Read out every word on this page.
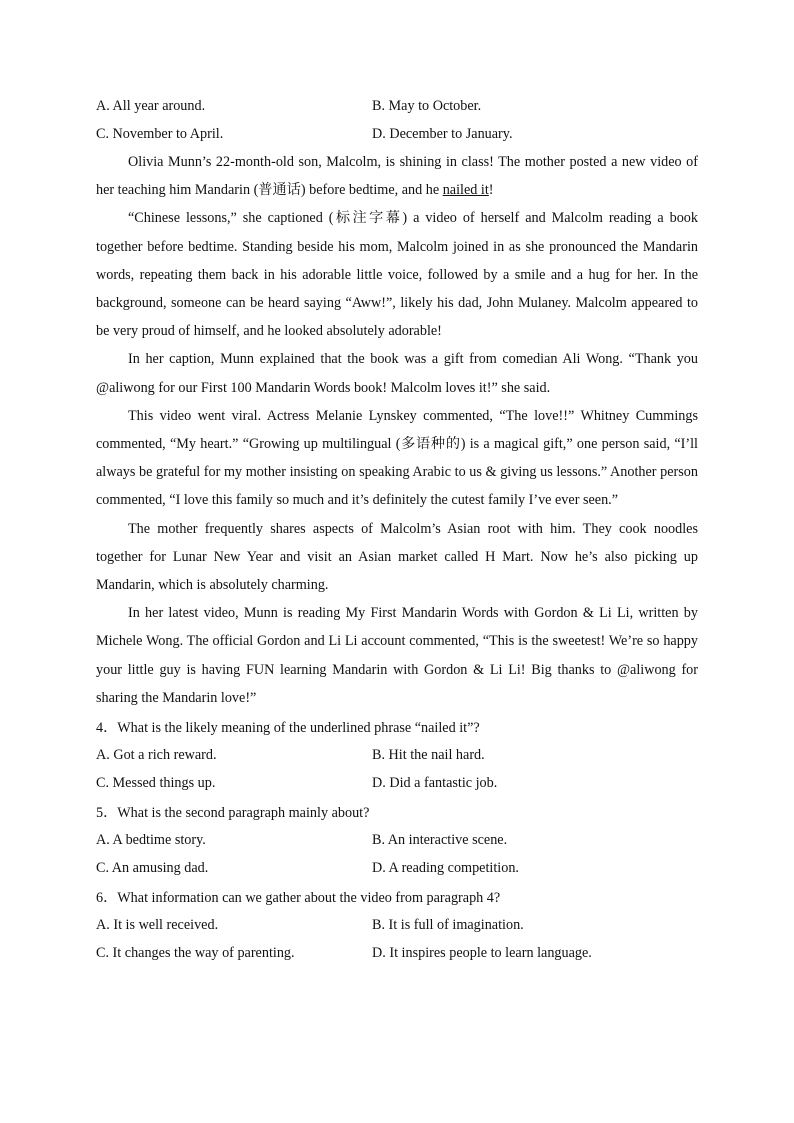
A. All year around.	B. May to October.
C. November to April.	D. December to January.

Olivia Munn’s 22-month-old son, Malcolm, is shining in class! The mother posted a new video of her teaching him Mandarin (普通话) before bedtime, and he nailed it!

“Chinese lessons,” she captioned (标注字幕) a video of herself and Malcolm reading a book together before bedtime. Standing beside his mom, Malcolm joined in as she pronounced the Mandarin words, repeating them back in his adorable little voice, followed by a smile and a hug for her. In the background, someone can be heard saying “Aww!”, likely his dad, John Mulaney. Malcolm appeared to be very proud of himself, and he looked absolutely adorable!

In her caption, Munn explained that the book was a gift from comedian Ali Wong. “Thank you @aliwong for our First 100 Mandarin Words book! Malcolm loves it!” she said.

This video went viral. Actress Melanie Lynskey commented, “The love!!” Whitney Cummings commented, “My heart.” “Growing up multilingual (多语种的) is a magical gift,” one person said, “I’ll always be grateful for my mother insisting on speaking Arabic to us & giving us lessons.” Another person commented, “I love this family so much and it’s definitely the cutest family I’ve ever seen.”

The mother frequently shares aspects of Malcolm’s Asian root with him. They cook noodles together for Lunar New Year and visit an Asian market called H Mart. Now he’s also picking up Mandarin, which is absolutely charming.

In her latest video, Munn is reading My First Mandarin Words with Gordon & Li Li, written by Michele Wong. The official Gordon and Li Li account commented, “This is the sweetest! We’re so happy your little guy is having FUN learning Mandarin with Gordon & Li Li! Big thanks to @aliwong for sharing the Mandarin love!”

4．What is the likely meaning of the underlined phrase “nailed it”?
A. Got a rich reward.	B. Hit the nail hard.
C. Messed things up.	D. Did a fantastic job.
5．What is the second paragraph mainly about?
A. A bedtime story.	B. An interactive scene.
C. An amusing dad.	D. A reading competition.
6．What information can we gather about the video from paragraph 4?
A. It is well received.	B. It is full of imagination.
C. It changes the way of parenting.	D. It inspires people to learn language.
